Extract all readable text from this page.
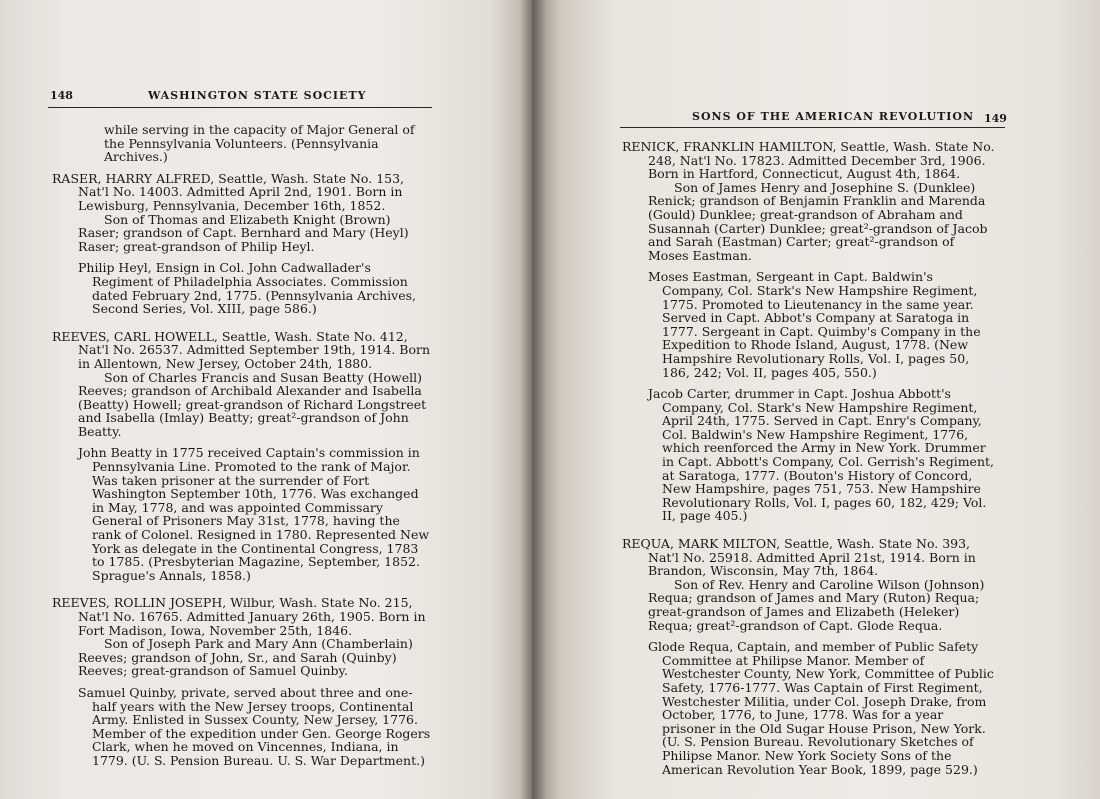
148	WASHINGTON STATE SOCIETY

while serving in the capacity of Major General of the Pennsylvania Volunteers. (Pennsylvania Archives.)

RASER, HARRY ALFRED, Seattle, Wash. State No. 153, Nat'l No. 14003. Admitted April 2nd, 1901. Born in Lewisburg, Pennsylvania, December 16th, 1852.

Son of Thomas and Elizabeth Knight (Brown) Raser; grandson of Capt. Bernhard and Mary (Heyl) Raser; great-grandson of Philip Heyl.

Philip Heyl, Ensign in Col. John Cadwallader's Regiment of Philadelphia Associates. Commission dated February 2nd, 1775. (Pennsylvania Archives, Second Series, Vol. XIII, page 586.)

REEVES, CARL HOWELL, Seattle, Wash. State No. 412, Nat'l No. 26537. Admitted September 19th, 1914. Born in Allentown, New Jersey, October 24th, 1880.

Son of Charles Francis and Susan Beatty (Howell) Reeves; grandson of Archibald Alexander and Isabella (Beatty) Howell; great-grandson of Richard Longstreet and Isabella (Imlay) Beatty; great²-grandson of John Beatty.

John Beatty in 1775 received Captain's commission in Pennsylvania Line. Promoted to the rank of Major. Was taken prisoner at the surrender of Fort Washington September 10th, 1776. Was exchanged in May, 1778, and was appointed Commissary General of Prisoners May 31st, 1778, having the rank of Colonel. Resigned in 1780. Represented New York as delegate in the Continental Congress, 1783 to 1785. (Presbyterian Magazine, September, 1852. Sprague's Annals, 1858.)

REEVES, ROLLIN JOSEPH, Wilbur, Wash. State No. 215, Nat'l No. 16765. Admitted January 26th, 1905. Born in Fort Madison, Iowa, November 25th, 1846.

Son of Joseph Park and Mary Ann (Chamberlain) Reeves; grandson of John, Sr., and Sarah (Quinby) Reeves; great-grandson of Samuel Quinby.

Samuel Quinby, private, served about three and one-half years with the New Jersey troops, Continental Army. Enlisted in Sussex County, New Jersey, 1776. Member of the expedition under Gen. George Rogers Clark, when he moved on Vincennes, Indiana, in 1779. (U. S. Pension Bureau. U. S. War Department.)

SONS OF THE AMERICAN REVOLUTION 149

RENICK, FRANKLIN HAMILTON, Seattle, Wash. State No. 248, Nat'l No. 17823. Admitted December 3rd, 1906. Born in Hartford, Connecticut, August 4th, 1864.

Son of James Henry and Josephine S. (Dunklee) Renick; grandson of Benjamin Franklin and Marenda (Gould) Dunklee; great-grandson of Abraham and Susannah (Carter) Dunklee; great²-grandson of Jacob and Sarah (Eastman) Carter; great²-grandson of Moses Eastman.

Moses Eastman, Sergeant in Capt. Baldwin's Company, Col. Stark's New Hampshire Regiment, 1775. Promoted to Lieutenancy in the same year. Served in Capt. Abbot's Company at Saratoga in 1777. Sergeant in Capt. Quimby's Company in the Expedition to Rhode Island, August, 1778. (New Hampshire Revolutionary Rolls, Vol. I, pages 50, 186, 242; Vol. II, pages 405, 550.)

Jacob Carter, drummer in Capt. Joshua Abbott's Company, Col. Stark's New Hampshire Regiment, April 24th, 1775. Served in Capt. Enry's Company, Col. Baldwin's New Hampshire Regiment, 1776, which reenforced the Army in New York. Drummer in Capt. Abbott's Company, Col. Gerrish's Regiment, at Saratoga, 1777. (Bouton's History of Concord, New Hampshire, pages 751, 753. New Hampshire Revolutionary Rolls, Vol. I, pages 60, 182, 429; Vol. II, page 405.)

REQUA, MARK MILTON, Seattle, Wash. State No. 393, Nat'l No. 25918. Admitted April 21st, 1914. Born in Brandon, Wisconsin, May 7th, 1864.

Son of Rev. Henry and Caroline Wilson (Johnson) Requa; grandson of James and Mary (Ruton) Requa; great-grandson of James and Elizabeth (Heleker) Requa; great²-grandson of Capt. Glode Requa.

Glode Requa, Captain, and member of Public Safety Committee at Philipse Manor. Member of Westchester County, New York, Committee of Public Safety, 1776-1777. Was Captain of First Regiment, Westchester Militia, under Col. Joseph Drake, from October, 1776, to June, 1778. Was for a year prisoner in the Old Sugar House Prison, New York. (U. S. Pension Bureau. Revolutionary Sketches of Philipse Manor. New York Society Sons of the American Revolution Year Book, 1899, page 529.)
